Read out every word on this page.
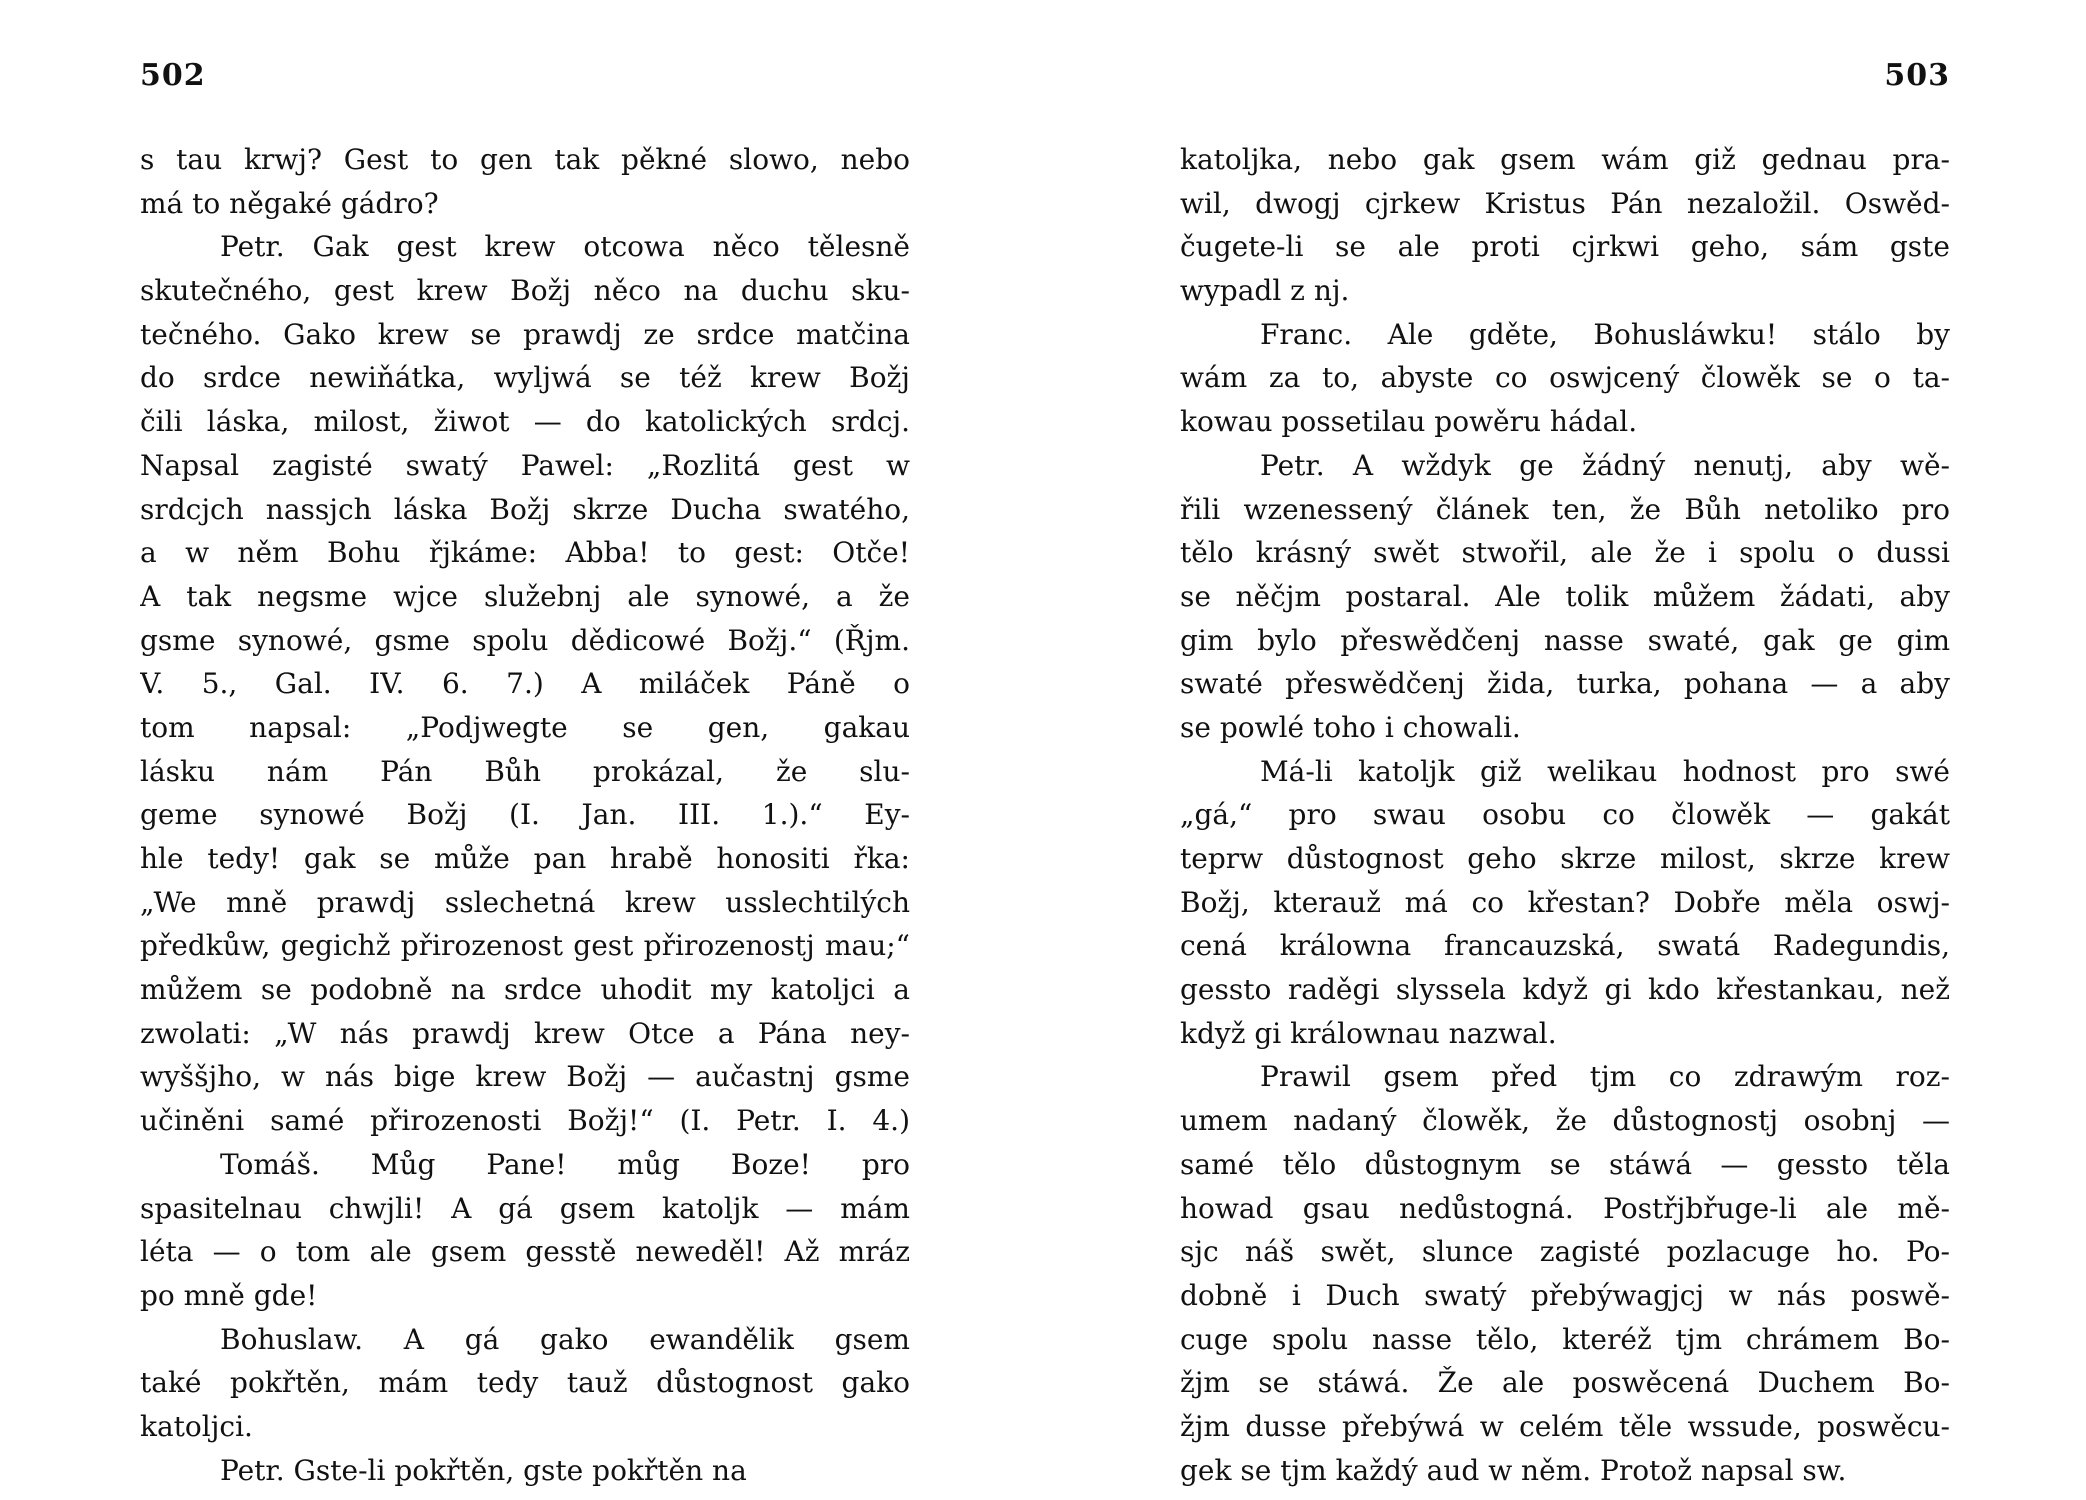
502
s tau krwj? Gest to gen tak pěkné slowo, nebo
má to něgaké gádro?
Petr. Gak gest krew otcowa něco tělesně
skutečného, gest krew Božj něco na duchu sku-
tečného. Gako krew se prawdj ze srdce matčina
do srdce newiňátka, wyljwá se též krew Božj
čili láska, milost, žiwot — do katolických srdcj.
Napsal zagisté swatý Pawel: „Rozlitá gest w
srdcjch nassjch láska Božj skrze Ducha swatého,
a w něm Bohu řjkáme: Abba! to gest: Otče!
A tak negsme wjce služebnj ale synowé, a že
gsme synowé, gsme spolu dědicowé Božj.“ (Řjm.
V. 5., Gal. IV. 6. 7.) A miláček Páně o
tom napsal: „Podjwegte se gen, gakau
lásku nám Pán Bůh prokázal, že slu-
geme synowé Božj (I. Jan. III. 1.).“ Ey-
hle tedy! gak se může pan hrabě honositi řka:
„We mně prawdj sslechetná krew usslechtilých
předkůw, gegichž přirozenost gest přirozenostj mau;“
můžem se podobně na srdce uhodit my katoljci a
zwolati: „W nás prawdj krew Otce a Pána ney-
wyššjho, w nás bige krew Božj — aučastnj gsme
učiněni samé přirozenosti Božj!“ (I. Petr. I. 4.)
Tomáš. Můg Pane! můg Boze! pro
spasitelnau chwjli! A gá gsem katoljk — mám
léta — o tom ale gsem gesstě neweděl! Až mráz
po mně gde!
Bohuslaw. A gá gako ewandělik gsem
také pokřtěn, mám tedy tauž důstognost gako
katoljci.
Petr. Gste-li pokřtěn, gste pokřtěn na
503
katoljka, nebo gak gsem wám giž gednau pra-
wil, dwogj cjrkew Kristus Pán nezaložil. Oswěd-
čugete-li se ale proti cjrkwi geho, sám gste
wypadl z nj.
Franc. Ale gděte, Bohusláwku! stálo by
wám za to, abyste co oswjcený člowěk se o ta-
kowau possetilau powěru hádal.
Petr. A wždyk ge žádný nenutj, aby wě-
řili wzenessený článek ten, že Bůh netoliko pro
tělo krásný swět stwořil, ale že i spolu o dussi
se něčjm postaral. Ale tolik můžem žádati, aby
gim bylo přeswědčenj nasse swaté, gak ge gim
swaté přeswědčenj žida, turka, pohana — a aby
se powlé toho i chowali.
Má-li katoljk giž welikau hodnost pro swé
„gá,“ pro swau osobu co člowěk — gakát
teprw důstognost geho skrze milost, skrze krew
Božj, kterauž má co křestan? Dobře měla oswj-
cená králowna francauzská, swatá Radegundis,
gessto raděgi slyssela když gi kdo křestankau, než
když gi králownau nazwal.
Prawil gsem před tjm co zdrawým roz-
umem nadaný člowěk, že důstognostj osobnj —
samé tělo důstognym se stáwá — gessto těla
howad gsau nedůstogná. Postřjbřuge-li ale mě-
sjc náš swět, slunce zagisté pozlacuge ho. Po-
dobně i Duch swatý přebýwagjcj w nás poswě-
cuge spolu nasse tělo, kteréž tjm chrámem Bo-
žjm se stáwá. Že ale poswěcená Duchem Bo-
žjm dusse přebýwá w celém těle wssude, poswěcu-
gek se tjm každý aud w něm. Protož napsal sw.
